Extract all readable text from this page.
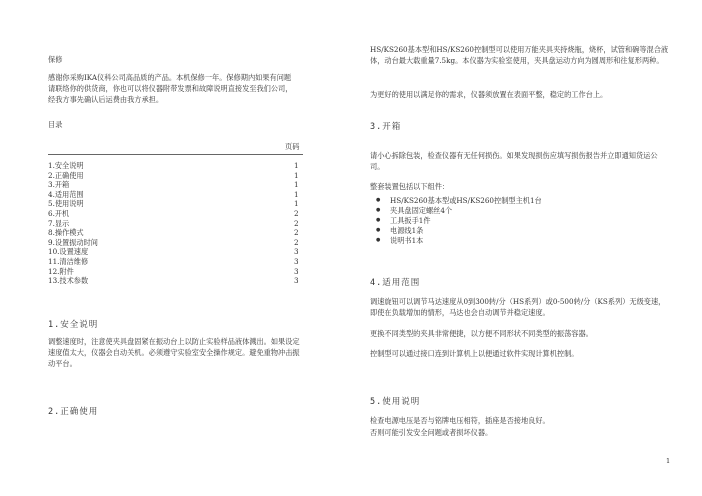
保修
感谢你采购IKA仪科公司高品质的产品。本机保修一年。保修期内如果有问题请联络你的供货商，你也可以将仪器附带发票和故障说明直接发至我们公司，经我方事先确认后运费由我方承担。
目录
页码
1.安全说明	1
2.正确使用	1
3.开箱	1
4.适用范围	1
5.使用说明	1
6.开机	2
7.显示	2
8.操作模式	2
9.设置振动时间	2
10.设置速度	3
11.清洁维修	3
12.附件	3
13.技术参数	3
1.安全说明
调整速度时，注意使夹具盘固紧在振动台上以防止实验样品液体溅出。如果设定速度值太大，仪器会自动关机。必须遵守实验室安全操作规定。避免重物冲击振动平台。
2.正确使用
HS/KS260基本型和HS/KS260控制型可以使用万能夹具夹持烧瓶，烧杯，试管和碗等混合液体，动台最大载重量7.5kg。本仪器为实验室使用，夹具盘运动方向为圆周形和往复形两种。
为更好的使用以满足你的需求，仪器须放置在表面平整，稳定的工作台上。
3.开箱
请小心拆除包装，检查仪器有无任何损伤。如果发现损伤应填写损伤报告并立即通知货运公司。
整套装置包括以下组件：
● HS/KS260基本型或HS/KS260控制型主机1台
● 夹具盘固定螺丝4个
● 工具扳手1件
● 电源线1条
● 说明书1本
4.适用范围
调速旋钮可以调节马达速度从0到300转/分（HS系列）或0-500转/分（KS系列）无级变速，即使在负载增加的情形，马达也会自动调节并稳定速度。
更换不同类型的夹具非常便捷，以方便不同形状不同类型的振荡容器。
控制型可以通过接口连到计算机上以便通过软件实现计算机控制。
5.使用说明
检查电源电压是否与铭牌电压相符，插座是否接地良好。
否则可能引发安全问题或者损坏仪器。
1
